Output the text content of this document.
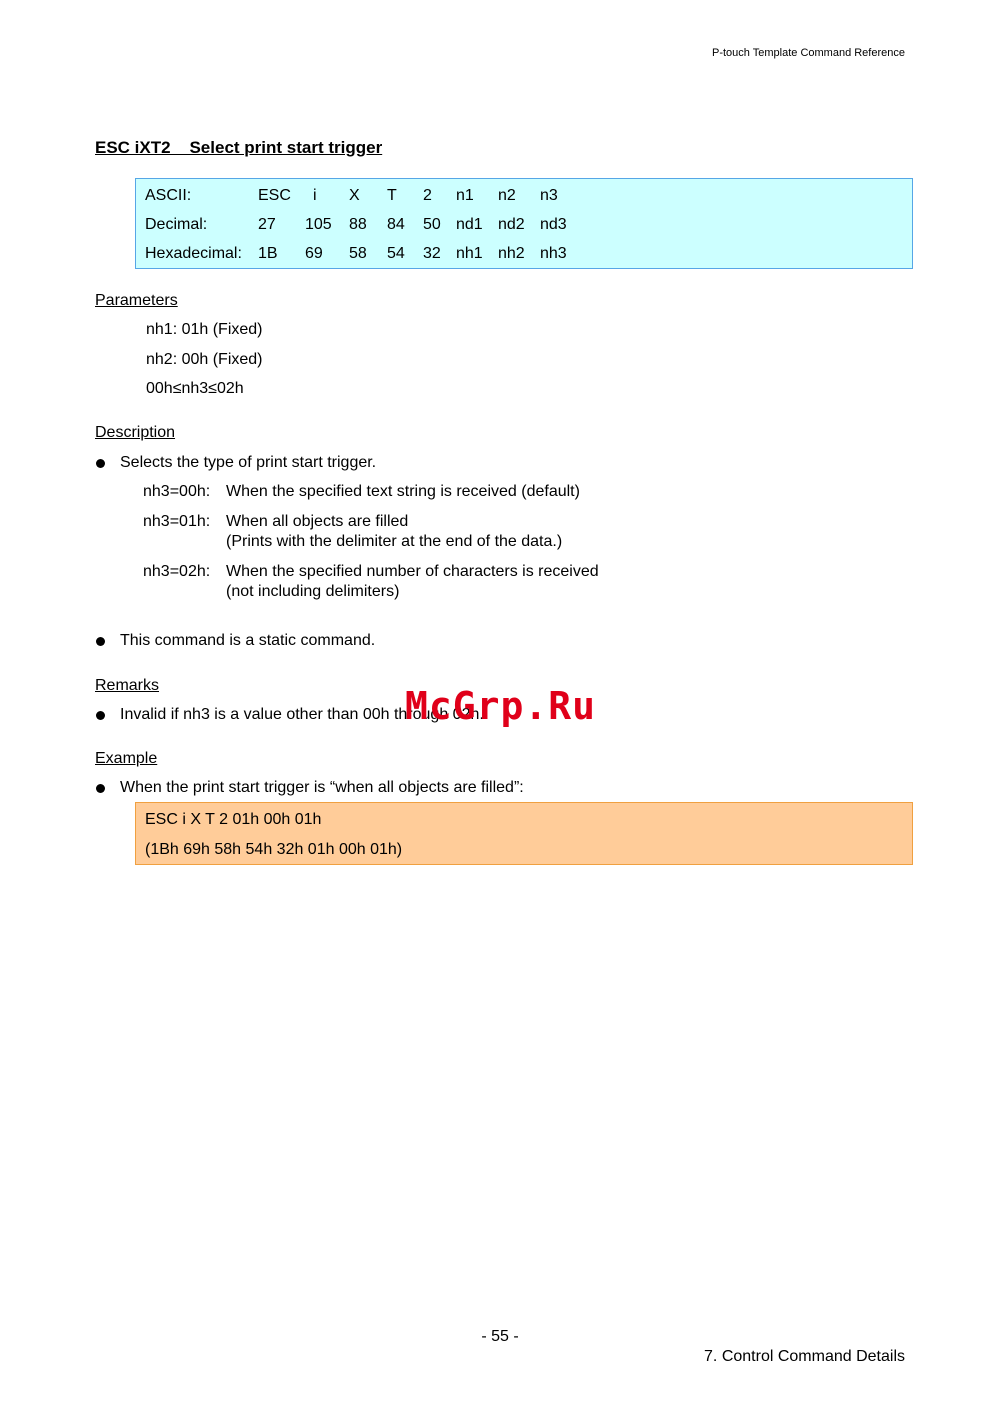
P-touch Template Command Reference
ESC iXT2    Select print start trigger
ASCII:	ESC i X T 2 n1 n2 n3
Decimal:	27 105 88 84 50 nd1 nd2 nd3
Hexadecimal: 1B 69 58 54 32 nh1 nh2 nh3
Parameters
nh1: 01h (Fixed)
nh2: 00h (Fixed)
00h≤nh3≤02h
Description
Selects the type of print start trigger.
nh3=00h: When the specified text string is received (default)
nh3=01h: When all objects are filled
(Prints with the delimiter at the end of the data.)
nh3=02h: When the specified number of characters is received
(not including delimiters)
This command is a static command.
Remarks
Invalid if nh3 is a value other than 00h through 02h.
Example
When the print start trigger is “when all objects are filled”:
ESC i X T 2 01h 00h 01h
(1Bh 69h 58h 54h 32h 01h 00h 01h)
McGrp.Ru
- 55 -
7. Control Command Details
